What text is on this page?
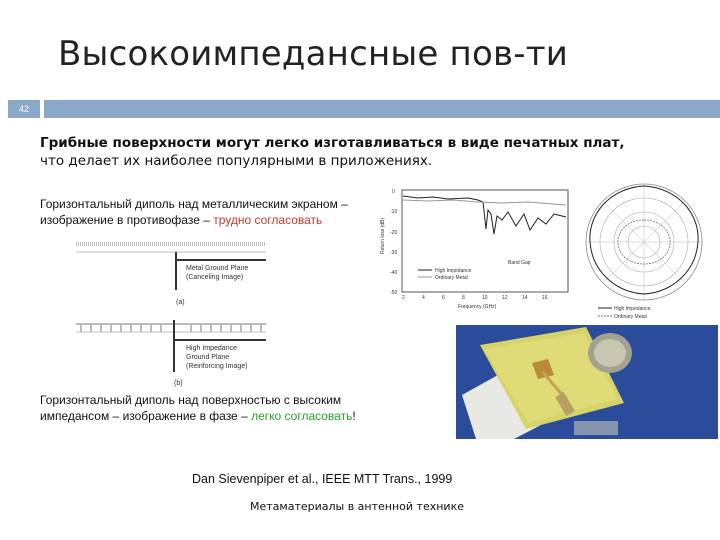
Высокоимпедансные пов-ти
42
Грибные поверхности могут легко изготавливаться в виде печатных плат,
что делает их наиболее популярными в приложениях.
Горизонтальный диполь над металлическим экраном –
изображение в противофазе – трудно согласовать
Metal Ground Plane
(Canceling Image)
(a)
High Impedance
Ground Plane
(Reinforcing Image)
(b)
Return loss (dB)
Frequency (GHz)
0
-10
-20
-30
-40
-50
2	4	6	8	10	12	14	16
High Impedance
Ordinary Metal
Band Gap
High Impedance
Ordinary Metal
Горизонтальный диполь над поверхностью с высоким
импедансом – изображение в фазе – легко согласовать!
Dan Sievenpiper et al., IEEE MTT Trans., 1999
Метаматериалы в антенной технике
